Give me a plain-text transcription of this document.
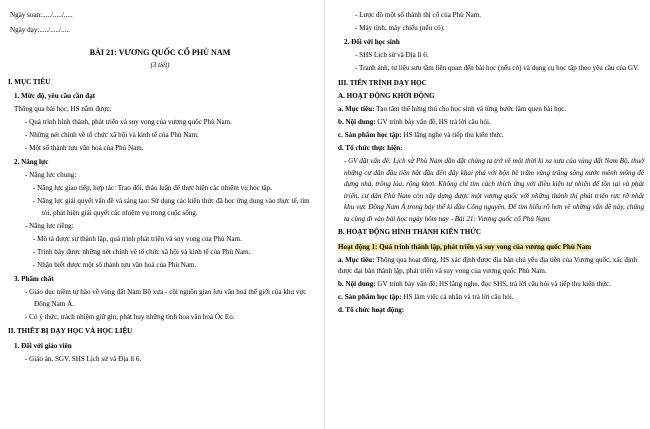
Ngày soạn:...../...../.....

Ngày dạy:...../...../.....

BÀI 21: VƯƠNG QUỐC CỔ PHÙ NAM

(3 tiết)

I. MỤC TIÊU

1. Mức độ, yêu cầu cần đạt

Thông qua bài học, HS nắm được:

- Quá trình hình thành, phát triển và suy vong của vương quốc Phù Nam.

- Những nét chính về tổ chức xã hội và kinh tế của Phù Nam.

- Một số thành tựu văn hoá của Phù Nam.

2. Năng lực

- Năng lực chung:

- Năng lực giao tiếp, hợp tác: Trao đổi, thảo luận để thực hiện các nhiệm vụ học tập.

- Năng lực giải quyết vấn đề và sáng tạo: Sử dụng các kiến thức đã học ứng dụng vào thực tế, tìm tòi, phát hiện giải quyết các nhiệm vụ trong cuộc sống.

- Năng lực riêng:

- Mô tả được sự thành lập, quá trình phát triển và suy vong của Phù Nam.

- Trình bày được những nét chính về tổ chức xã hội và kinh tế của Phù Nam.

- Nhận biết được một số thành tựu văn hoá của Phù Nam.

3. Phẩm chất

- Giáo dục niềm tự hào về vùng đất Nam Bộ xưa - cội nguồn giao lưu văn hoá thế giới của khu vực Đông Nam Á.

- Có ý thức, trách nhiệm giữ gìn, phát huy những tinh hoa văn hoá Óc Eo.

II. THIẾT BỊ DẠY HỌC VÀ HỌC LIỆU

1. Đối với giáo viên

- Giáo án, SGV, SHS Lịch sử và Địa lí 6.

- Lược đồ một số thành thị cổ của Phù Nam.

- Máy tính, máy chiếu (nếu có).

2. Đối với học sinh

- SHS Lịch sử và Địa lí 6.

- Tranh ảnh, tư liệu sưu tầm liên quan đến bài học (nếu có) và dụng cụ học tập theo yêu cầu của GV.

III. TIẾN TRÌNH DẠY HỌC

A. HOẠT ĐỘNG KHỞI ĐỘNG

a. Mục tiêu: Tạo tâm thế hứng thú cho học sinh và từng bước làm quen bài học.

b. Nội dung: GV trình bày vấn đề, HS trả lời câu hỏi.

c. Sản phẩm học tập: HS lắng nghe và tiếp thu kiến thức.

d. Tổ chức thực hiện:

- GV đặt vấn đề: Lịch sử Phù Nam dần dắt chúng ta trở về một thời kì xa xưa của vùng đất Nam Bộ, thuở những cư dân đầu tiên bắt đầu đến đây khai phá với bộn bề trăm vùng trũng sông nước mênh mông đề dựng nhà, trồng lúa, rộng khơi. Không chỉ tìm cách thích ứng với điều kiện tự nhiên để tồn tại và phát triển, cư dân Phù Nam còn xây dựng được một vương quốc với những thành thị phát triển rực rỡ nhất khu vực Đông Nam Á trong bảy thế kỉ đầu Công nguyên. Để tìm hiểu rõ hơn về những vấn đề này, chúng ta cùng đi vào bài học ngày hôm nay - Bài 21: Vương quốc cổ Phù Nam.

B. HOẠT ĐỘNG HÌNH THÀNH KIẾN THỨC

Hoạt động 1: Quá trình thành lập, phát triển và suy vong của vương quốc Phù Nam

a. Mục tiêu: Thông qua hoạt động, HS xác định được địa bàn chủ yếu địa tiền của Vương quốc, xác định được đại bàn thành lập, phát triển và suy vong của vương quốc Phù Nam.

b. Nội dung: GV trình bày vấn đề; HS lắng nghe, đọc SHS, trả lời câu hỏi và tiếp thu kiến thức.

c. Sản phẩm học tập: HS làm việc cá nhân và trả lời câu hỏi.

d. Tổ chức hoạt động:
